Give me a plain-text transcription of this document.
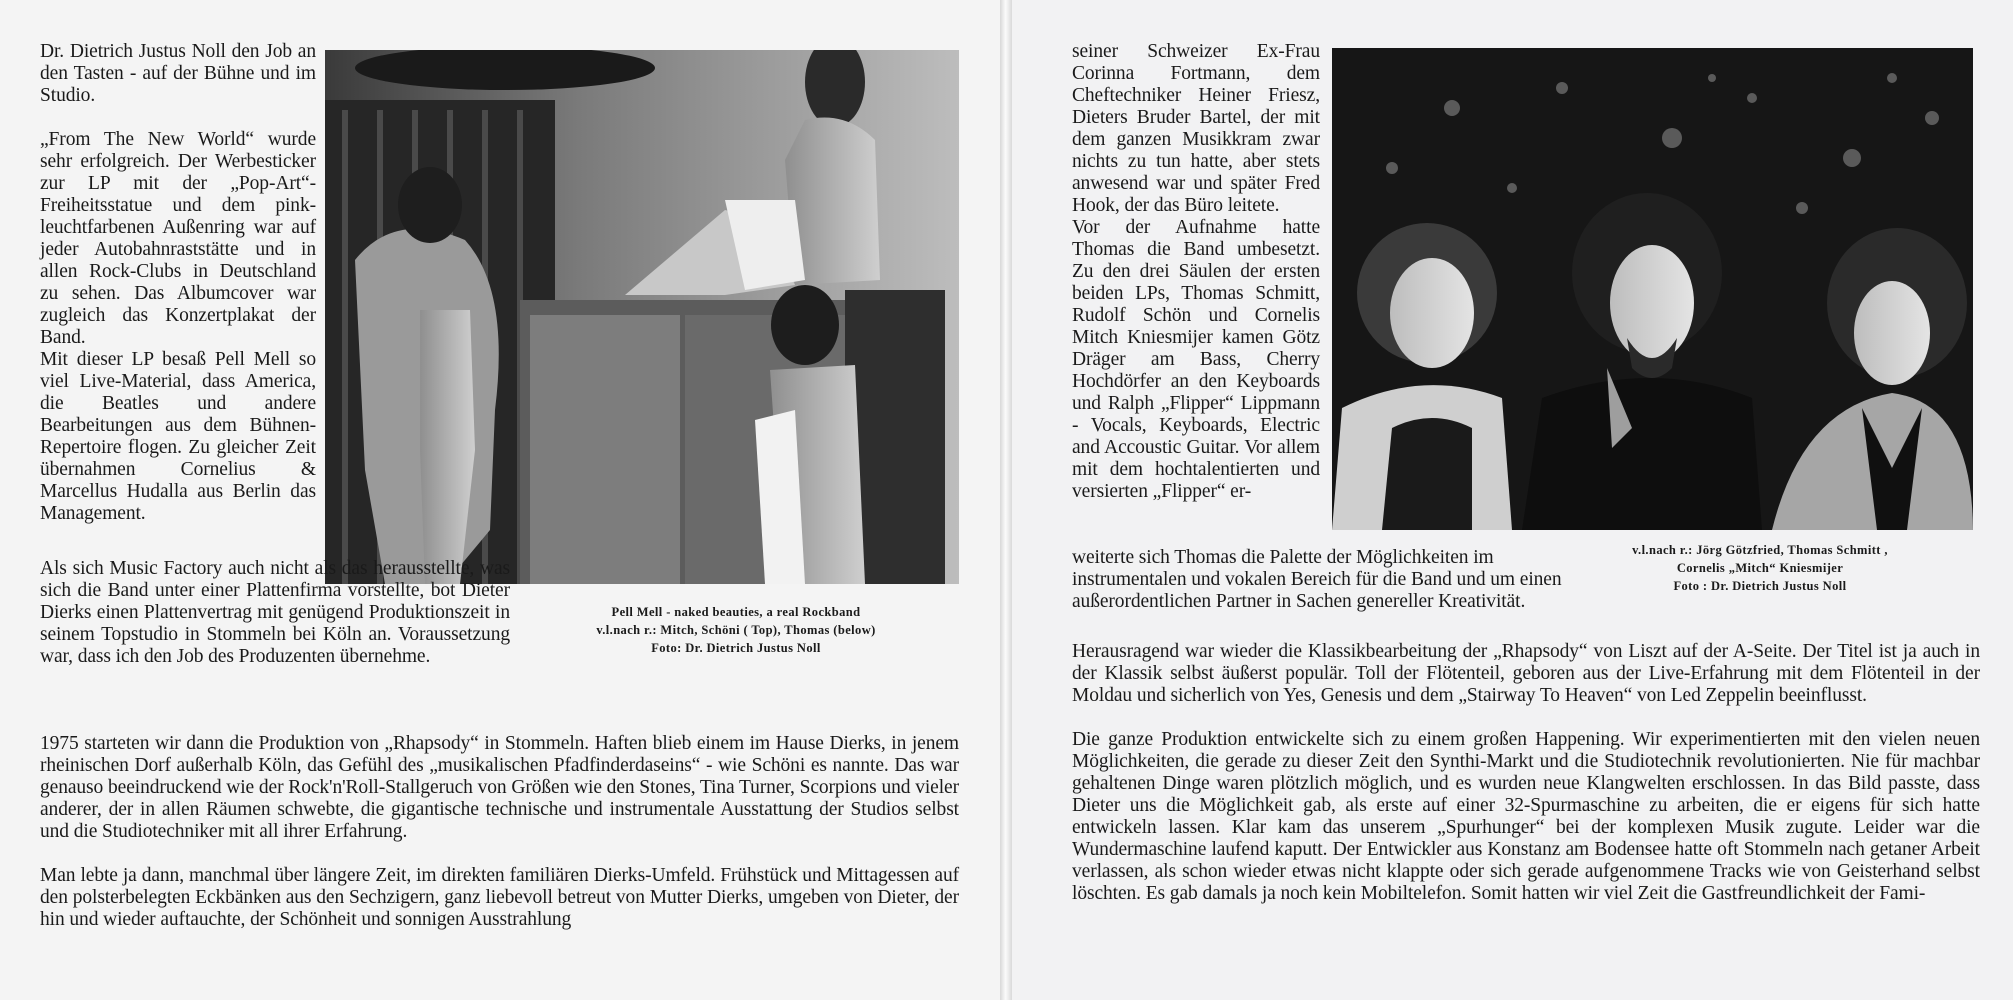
Dr. Dietrich Justus Noll den Job an den Tasten - auf der Bühne und im Studio.

„From The New World“ wurde sehr erfolgreich. Der Werbesticker zur LP mit der „Pop-Art“- Freiheitsstatue und dem pink-leuchtfarbenen Außenring war auf jeder Autobahnraststätte und in allen Rock-Clubs in Deutschland zu sehen. Das Albumcover war zugleich das Konzertplakat der Band.

Mit dieser LP besaß Pell Mell so viel Live-Material, dass America, die Beatles und andere Bearbeitungen aus dem Bühnen-Repertoire flogen. Zu gleicher Zeit übernahmen Cornelius & Marcellus Hudalla aus Berlin das Management.

Pell Mell - naked beauties, a real Rockband
v.l.nach r.: Mitch, Schöni ( Top), Thomas (below)
Foto: Dr. Dietrich Justus Noll

Als sich Music Factory auch nicht als das herausstellte, was sich die Band unter einer Plattenfirma vorstellte, bot Dieter Dierks einen Plattenvertrag mit genügend Produktionszeit in seinem Topstudio in Stommeln bei Köln an. Voraussetzung war, dass ich den Job des Produzenten übernehme.

1975 starteten wir dann die Produktion von „Rhapsody“ in Stommeln. Haften blieb einem im Hause Dierks, in jenem rheinischen Dorf außerhalb Köln, das Gefühl des „musikalischen Pfadfinderdaseins“ - wie Schöni es nannte. Das war genauso beeindruckend wie der Rock'n'Roll-Stallgeruch von Größen wie den Stones, Tina Turner, Scorpions und vieler anderer, der in allen Räumen schwebte, die gigantische technische und instrumentale Ausstattung der Studios selbst und die Studiotechniker mit all ihrer Erfahrung.

Man lebte ja dann, manchmal über längere Zeit, im direkten familiären Dierks-Umfeld. Frühstück und Mittagessen auf den polsterbelegten Eckbänken aus den Sechzigern, ganz liebevoll betreut von Mutter Dierks, umgeben von Dieter, der hin und wieder auftauchte, der Schönheit und sonnigen Ausstrahlung

seiner Schweizer Ex-Frau Corinna Fortmann, dem Cheftechniker Heiner Friesz, Dieters Bruder Bartel, der mit dem ganzen Musikkram zwar nichts zu tun hatte, aber stets anwesend war und später Fred Hook, der das Büro leitete.

Vor der Aufnahme hatte Thomas die Band umbesetzt. Zu den drei Säulen der ersten beiden LPs, Thomas Schmitt, Rudolf Schön und Cornelis Mitch Kniesmijer kamen Götz Dräger am Bass, Cherry Hochdörfer an den Keyboards und Ralph „Flipper“ Lippmann - Vocals, Keyboards, Electric and Accoustic Guitar. Vor allem mit dem hochtalentierten und versierten „Flipper“ er-

v.l.nach r.: Jörg Götzfried, Thomas Schmitt ,
Cornelis „Mitch“ Kniesmijer
Foto : Dr. Dietrich Justus Noll

weiterte sich Thomas die Palette der Möglichkeiten im instrumentalen und vokalen Bereich für die Band und um einen außerordentlichen Partner in Sachen genereller Kreativität.

Herausragend war wieder die Klassikbearbeitung der „Rhapsody“ von Liszt auf der A-Seite. Der Titel ist ja auch in der Klassik selbst äußerst populär. Toll der Flötenteil, geboren aus der Live-Erfahrung mit dem Flötenteil in der Moldau und sicherlich von Yes, Genesis und dem „Stairway To Heaven“ von Led Zeppelin beeinflusst.

Die ganze Produktion entwickelte sich zu einem großen Happening. Wir experimentierten mit den vielen neuen Möglichkeiten, die gerade zu dieser Zeit den Synthi-Markt und die Studiotechnik revolutionierten. Nie für machbar gehaltenen Dinge waren plötzlich möglich, und es wurden neue Klangwelten erschlossen. In das Bild passte, dass Dieter uns die Möglichkeit gab, als erste auf einer 32-Spurmaschine zu arbeiten, die er eigens für sich hatte entwickeln lassen. Klar kam das unserem „Spurhunger“ bei der komplexen Musik zugute. Leider war die Wundermaschine laufend kaputt. Der Entwickler aus Konstanz am Bodensee hatte oft Stommeln nach getaner Arbeit verlassen, als schon wieder etwas nicht klappte oder sich gerade aufgenommene Tracks wie von Geisterhand selbst löschten. Es gab damals ja noch kein Mobiltelefon. Somit hatten wir viel Zeit die Gastfreundlichkeit der Fami-
